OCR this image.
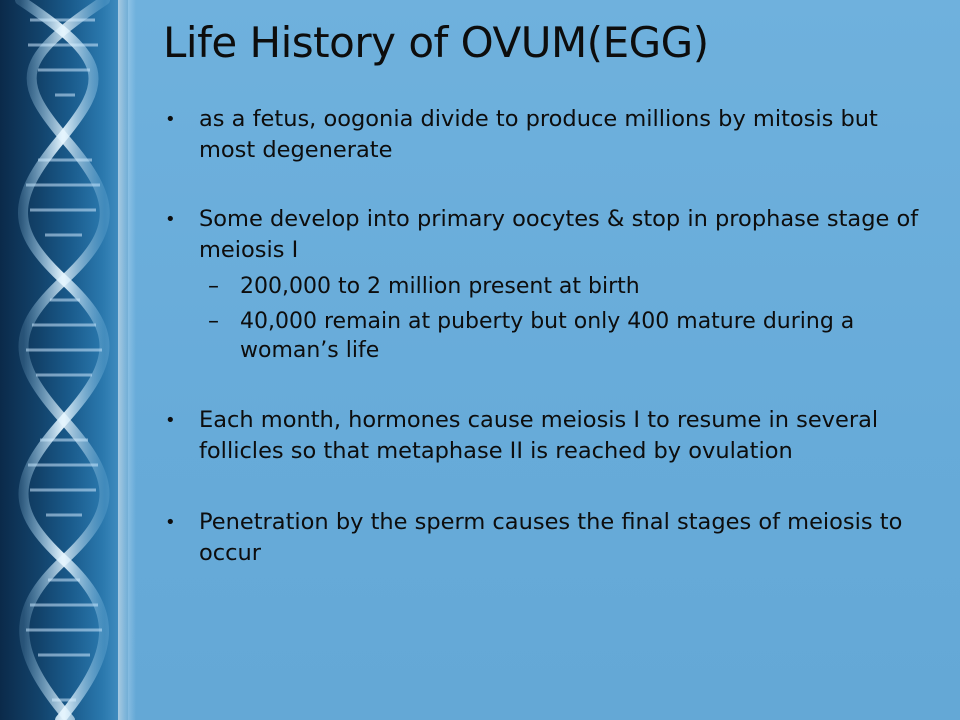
Life History of OVUM(EGG)
• as a fetus, oogonia divide to produce millions by mitosis but most degenerate
• Some develop into primary oocytes & stop in prophase stage of meiosis I
– 200,000 to 2 million present at birth
– 40,000 remain at puberty but only 400 mature during a woman’s life
• Each month, hormones cause meiosis I to resume in several follicles so that metaphase II is reached by ovulation
• Penetration by the sperm causes the final stages of meiosis to occur
